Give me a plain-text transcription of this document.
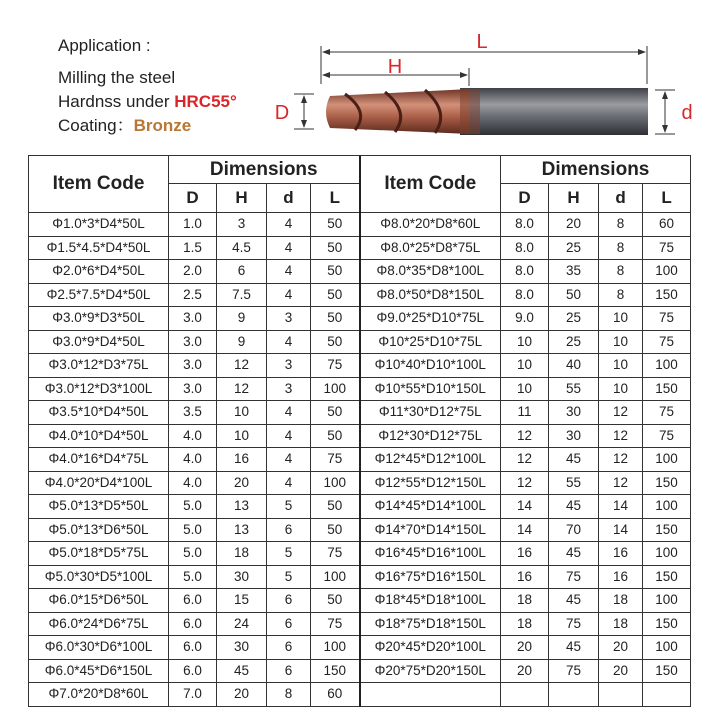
Application :
Milling the steel
Hardnss under HRC55°
Coating：Bronze
L
H
D	d
Item Code	Dimensions				Item Code	Dimensions			
	D	H	d	L		D	H	d	L
Φ1.0*3*D4*50L	1.0	3	4	50	Φ8.0*20*D8*60L	8.0	20	8	60
Φ1.5*4.5*D4*50L	1.5	4.5	4	50	Φ8.0*25*D8*75L	8.0	25	8	75
Φ2.0*6*D4*50L	2.0	6	4	50	Φ8.0*35*D8*100L	8.0	35	8	100
Φ2.5*7.5*D4*50L	2.5	7.5	4	50	Φ8.0*50*D8*150L	8.0	50	8	150
Φ3.0*9*D3*50L	3.0	9	3	50	Φ9.0*25*D10*75L	9.0	25	10	75
Φ3.0*9*D4*50L	3.0	9	4	50	Φ10*25*D10*75L	10	25	10	75
Φ3.0*12*D3*75L	3.0	12	3	75	Φ10*40*D10*100L	10	40	10	100
Φ3.0*12*D3*100L	3.0	12	3	100	Φ10*55*D10*150L	10	55	10	150
Φ3.5*10*D4*50L	3.5	10	4	50	Φ11*30*D12*75L	11	30	12	75
Φ4.0*10*D4*50L	4.0	10	4	50	Φ12*30*D12*75L	12	30	12	75
Φ4.0*16*D4*75L	4.0	16	4	75	Φ12*45*D12*100L	12	45	12	100
Φ4.0*20*D4*100L	4.0	20	4	100	Φ12*55*D12*150L	12	55	12	150
Φ5.0*13*D5*50L	5.0	13	5	50	Φ14*45*D14*100L	14	45	14	100
Φ5.0*13*D6*50L	5.0	13	6	50	Φ14*70*D14*150L	14	70	14	150
Φ5.0*18*D5*75L	5.0	18	5	75	Φ16*45*D16*100L	16	45	16	100
Φ5.0*30*D5*100L	5.0	30	5	100	Φ16*75*D16*150L	16	75	16	150
Φ6.0*15*D6*50L	6.0	15	6	50	Φ18*45*D18*100L	18	45	18	100
Φ6.0*24*D6*75L	6.0	24	6	75	Φ18*75*D18*150L	18	75	18	150
Φ6.0*30*D6*100L	6.0	30	6	100	Φ20*45*D20*100L	20	45	20	100
Φ6.0*45*D6*150L	6.0	45	6	150	Φ20*75*D20*150L	20	75	20	150
Φ7.0*20*D8*60L	7.0	20	8	60					
